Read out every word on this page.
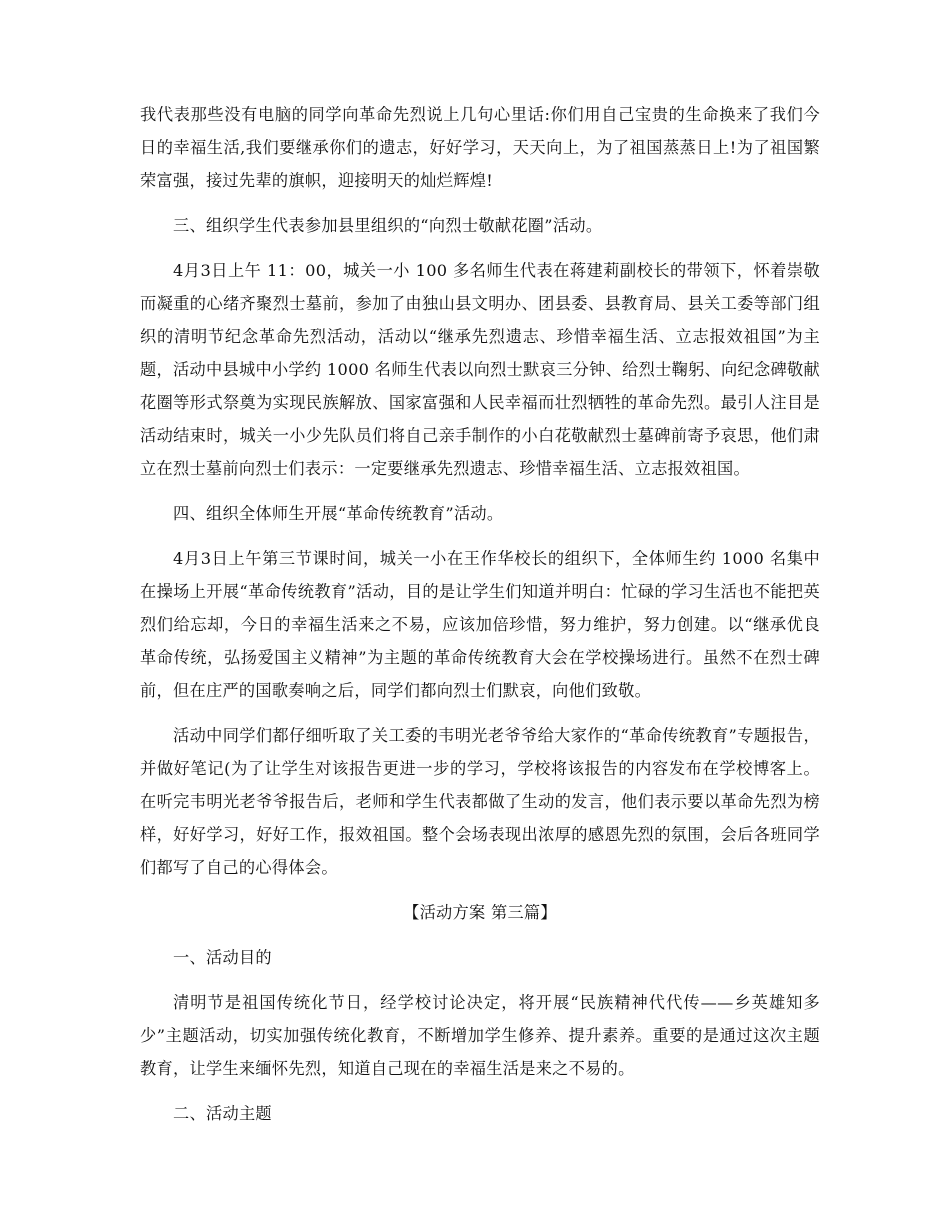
我代表那些没有电脑的同学向革命先烈说上几句心里话:你们用自己宝贵的生命换来了我们今日的幸福生活,我们要继承你们的遗志，好好学习，天天向上，为了祖国蒸蒸日上!为了祖国繁荣富强，接过先辈的旗帜，迎接明天的灿烂辉煌!

三、组织学生代表参加县里组织的“向烈士敬献花圈”活动。

4月3日上午 11：00，城关一小 100 多名师生代表在蒋建莉副校长的带领下，怀着崇敬而凝重的心绪齐聚烈士墓前，参加了由独山县文明办、团县委、县教育局、县关工委等部门组织的清明节纪念革命先烈活动，活动以“继承先烈遗志、珍惜幸福生活、立志报效祖国”为主题，活动中县城中小学约 1000 名师生代表以向烈士默哀三分钟、给烈士鞠躬、向纪念碑敬献花圈等形式祭奠为实现民族解放、国家富强和人民幸福而壮烈牺牲的革命先烈。最引人注目是活动结束时，城关一小少先队员们将自己亲手制作的小白花敬献烈士墓碑前寄予哀思，他们肃立在烈士墓前向烈士们表示：一定要继承先烈遗志、珍惜幸福生活、立志报效祖国。

四、组织全体师生开展“革命传统教育”活动。

4月3日上午第三节课时间，城关一小在王作华校长的组织下，全体师生约 1000 名集中在操场上开展“革命传统教育”活动，目的是让学生们知道并明白：忙碌的学习生活也不能把英烈们给忘却，今日的幸福生活来之不易，应该加倍珍惜，努力维护，努力创建。以“继承优良革命传统，弘扬爱国主义精神”为主题的革命传统教育大会在学校操场进行。虽然不在烈士碑前，但在庄严的国歌奏响之后，同学们都向烈士们默哀，向他们致敬。

活动中同学们都仔细听取了关工委的韦明光老爷爷给大家作的“革命传统教育”专题报告，并做好笔记(为了让学生对该报告更进一步的学习，学校将该报告的内容发布在学校博客上。在听完韦明光老爷爷报告后，老师和学生代表都做了生动的发言，他们表示要以革命先烈为榜样，好好学习，好好工作，报效祖国。整个会场表现出浓厚的感恩先烈的氛围，会后各班同学们都写了自己的心得体会。

【活动方案 第三篇】

一、活动目的

清明节是祖国传统化节日，经学校讨论决定，将开展“民族精神代代传——乡英雄知多少”主题活动，切实加强传统化教育，不断增加学生修养、提升素养。重要的是通过这次主题教育，让学生来缅怀先烈，知道自己现在的幸福生活是来之不易的。

二、活动主题
